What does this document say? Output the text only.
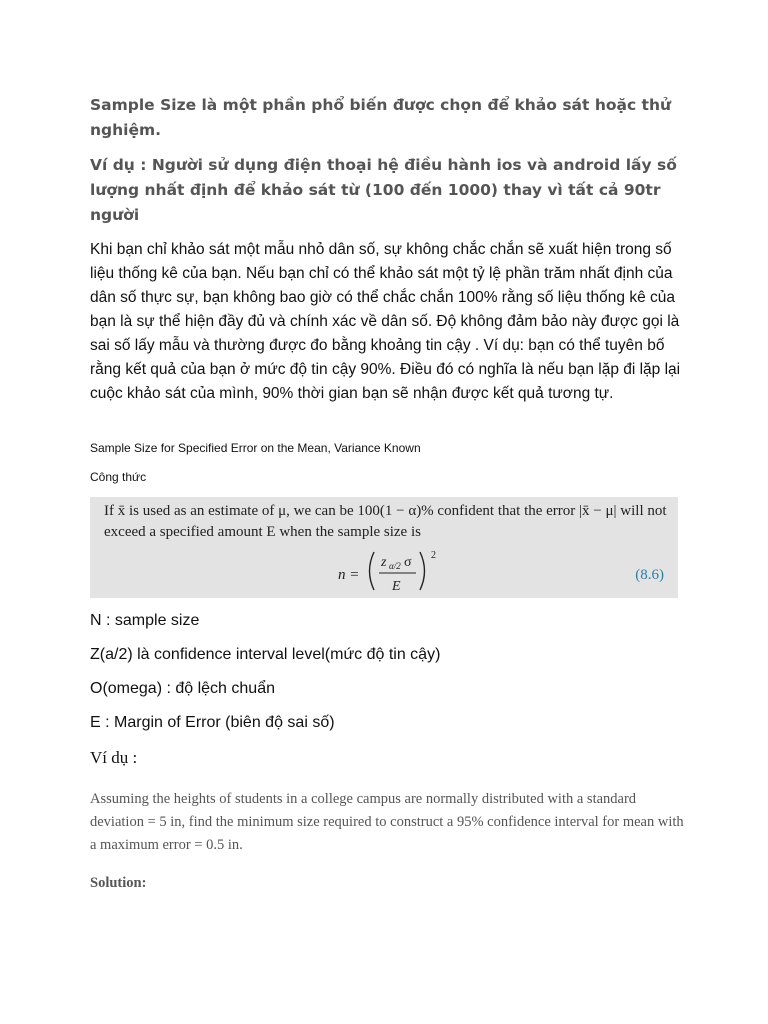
Sample Size là một phần phổ biến được chọn để khảo sát hoặc thử nghiệm.
Ví dụ : Người sử dụng điện thoại hệ điều hành ios và android lấy số lượng nhất định để khảo sát từ (100 đến 1000) thay vì tất cả 90tr người
Khi bạn chỉ khảo sát một mẫu nhỏ dân số, sự không chắc chắn sẽ xuất hiện trong số liệu thống kê của bạn. Nếu bạn chỉ có thể khảo sát một tỷ lệ phần trăm nhất định của dân số thực sự, bạn không bao giờ có thể chắc chắn 100% rằng số liệu thống kê của bạn là sự thể hiện đầy đủ và chính xác về dân số. Độ không đảm bảo này được gọi là sai số lấy mẫu và thường được đo bằng khoảng tin cậy . Ví dụ: bạn có thể tuyên bố rằng kết quả của bạn ở mức độ tin cậy 90%. Điều đó có nghĩa là nếu bạn lặp đi lặp lại cuộc khảo sát của mình, 90% thời gian bạn sẽ nhận được kết quả tương tự.
Sample Size for Specified Error on the Mean, Variance Known
Công thức
If x̄ is used as an estimate of μ, we can be 100(1 − α)% confident that the error |x̄ − μ| will not exceed a specified amount E when the sample size is
n =
z α/2 σ
E
2
(8.6)
N : sample size
Z(a/2) là confidence interval level(mức độ tin cậy)
O(omega) : độ lệch chuẩn
E : Margin of Error (biên độ sai số)
Ví dụ :
Assuming the heights of students in a college campus are normally distributed with a standard deviation = 5 in, find the minimum size required to construct a 95% confidence interval for mean with a maximum error = 0.5 in.
Solution:
